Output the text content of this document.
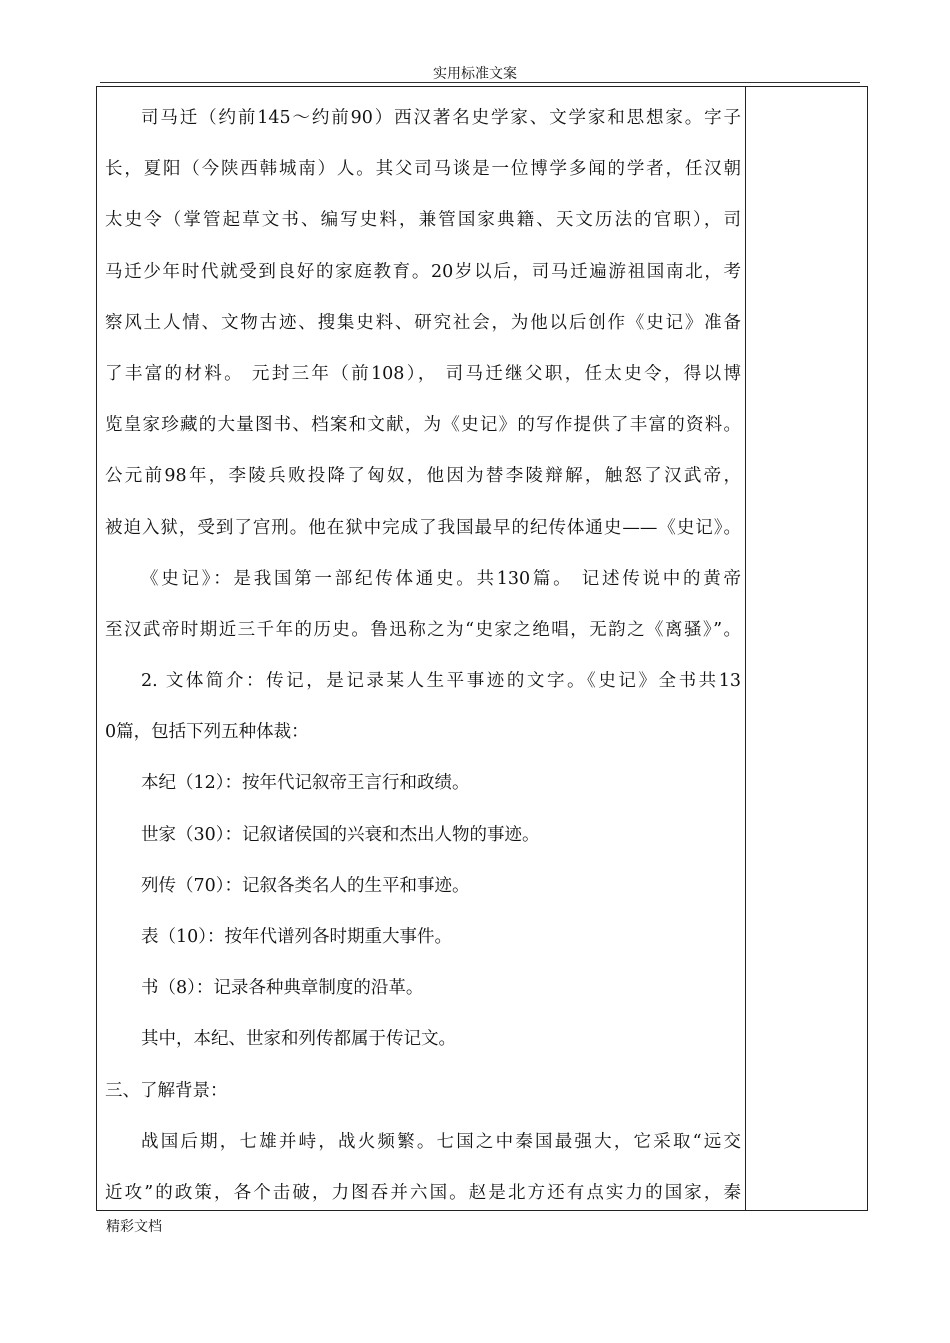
实用标准文案
司马迁（约前145～约前90）西汉著名史学家、文学家和思想家。字子
长，夏阳（今陕西韩城南）人。其父司马谈是一位博学多闻的学者，任汉朝
太史令（掌管起草文书、编写史料，兼管国家典籍、天文历法的官职），司
马迁少年时代就受到良好的家庭教育。20岁以后，司马迁遍游祖国南北，考
察风土人情、文物古迹、搜集史料、研究社会，为他以后创作《史记》准备
了丰富的材料。 元封三年（前108）， 司马迁继父职，任太史令，得以博
览皇家珍藏的大量图书、档案和文献，为《史记》的写作提供了丰富的资料。
公元前98年，李陵兵败投降了匈奴，他因为替李陵辩解，触怒了汉武帝，
被迫入狱，受到了宫刑。他在狱中完成了我国最早的纪传体通史——《史记》。
《史记》：是我国第一部纪传体通史。共130篇。 记述传说中的黄帝
至汉武帝时期近三千年的历史。鲁迅称之为“史家之绝唱，无韵之《离骚》”。
2. 文体简介：传记，是记录某人生平事迹的文字。《史记》全书共13
0篇，包括下列五种体裁：
本纪（12）：按年代记叙帝王言行和政绩。
世家（30）：记叙诸侯国的兴衰和杰出人物的事迹。
列传（70）：记叙各类名人的生平和事迹。
表（10）：按年代谱列各时期重大事件。
书（8）：记录各种典章制度的沿革。
其中，本纪、世家和列传都属于传记文。
三、了解背景：
战国后期，七雄并峙，战火频繁。七国之中秦国最强大，它采取“远交
近攻”的政策，各个击破，力图吞并六国。赵是北方还有点实力的国家，秦
精彩文档
